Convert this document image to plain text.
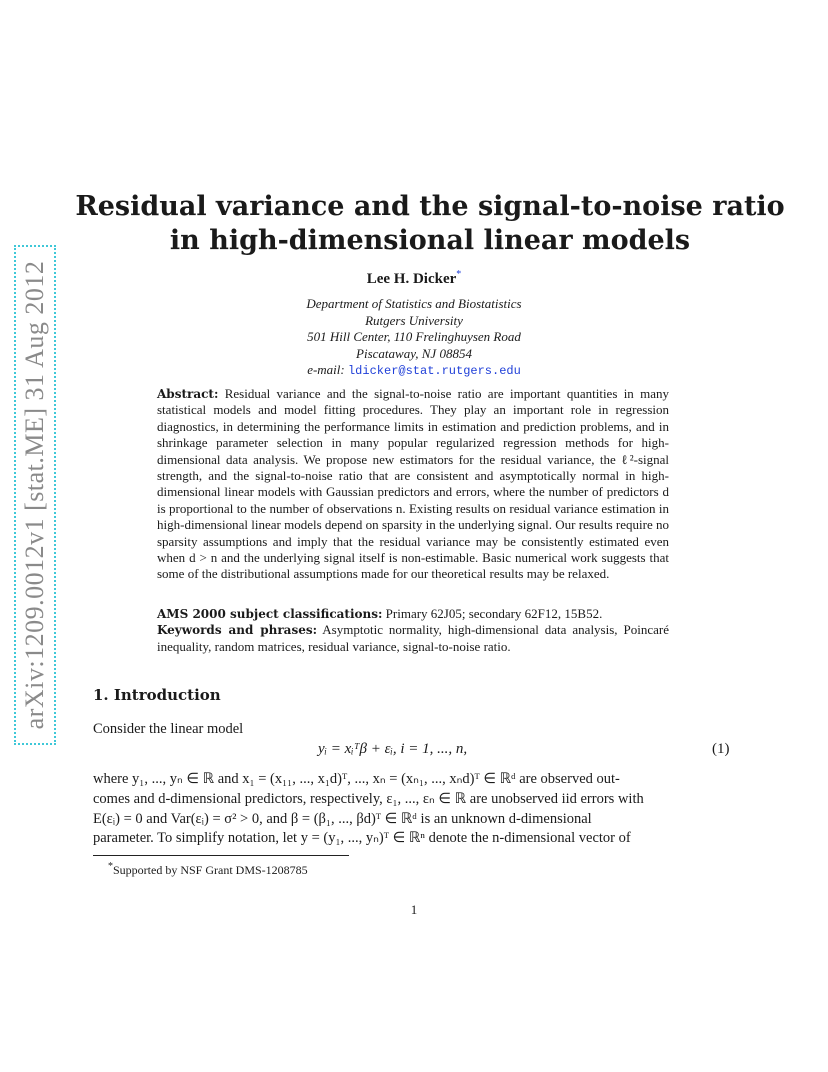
arXiv:1209.0012v1 [stat.ME] 31 Aug 2012
Residual variance and the signal-to-noise ratio
in high-dimensional linear models
Lee H. Dicker*
Department of Statistics and Biostatistics
Rutgers University
501 Hill Center, 110 Frelinghuysen Road
Piscataway, NJ 08854
e-mail: ldicker@stat.rutgers.edu
Abstract: Residual variance and the signal-to-noise ratio are important quantities in many statistical models and model fitting procedures. They play an important role in regression diagnostics, in determining the performance limits in estimation and prediction problems, and in shrinkage parameter selection in many popular regularized regression methods for high-dimensional data analysis. We propose new estimators for the residual variance, the ℓ²-signal strength, and the signal-to-noise ratio that are consistent and asymptotically normal in high-dimensional linear models with Gaussian predictors and errors, where the number of predictors d is proportional to the number of observations n. Existing results on residual variance estimation in high-dimensional linear models depend on sparsity in the underlying signal. Our results require no sparsity assumptions and imply that the residual variance may be consistently estimated even when d > n and the underlying signal itself is non-estimable. Basic numerical work suggests that some of the distributional assumptions made for our theoretical results may be relaxed.
AMS 2000 subject classifications: Primary 62J05; secondary 62F12, 15B52.
Keywords and phrases: Asymptotic normality, high-dimensional data analysis, Poincaré inequality, random matrices, residual variance, signal-to-noise ratio.
1. Introduction
Consider the linear model
yᵢ = xᵢᵀβ + εᵢ, i = 1, ..., n,	(1)
where y₁, ..., yₙ ∈ ℝ and x₁ = (x₁₁, ..., x₁d)ᵀ, ..., xₙ = (xₙ₁, ..., xₙd)ᵀ ∈ ℝᵈ are observed out-
comes and d-dimensional predictors, respectively, ε₁, ..., εₙ ∈ ℝ are unobserved iid errors with
E(εᵢ) = 0 and Var(εᵢ) = σ² > 0, and β = (β₁, ..., βd)ᵀ ∈ ℝᵈ is an unknown d-dimensional
parameter. To simplify notation, let y = (y₁, ..., yₙ)ᵀ ∈ ℝⁿ denote the n-dimensional vector of
*Supported by NSF Grant DMS-1208785
1
